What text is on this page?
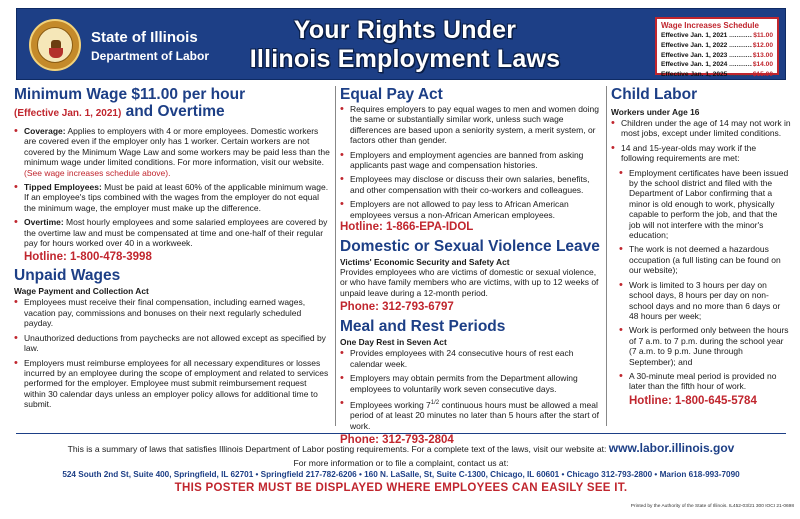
State of Illinois
Department of Labor
Your Rights Under
Illinois Employment Laws
Wage Increases Schedule
Effective Jan. 1, 2021 .....	$11.00
Effective Jan. 1, 2022 .....	$12.00
Effective Jan. 1, 2023 .....	$13.00
Effective Jan. 1, 2024 .....	$14.00
Effective Jan. 1, 2025 .....	$15.00
Minimum Wage $11.00 per hour
(Effective Jan. 1, 2021) and Overtime
• Coverage: Applies to employers with 4 or more employees. Domestic workers are covered even if the employer only has 1 worker. Certain workers are not covered by the Minimum Wage Law and some workers may be paid less than the minimum wage under limited conditions. For more information, visit our website. (See wage increases schedule above).
• Tipped Employees: Must be paid at least 60% of the applicable minimum wage. If an employee's tips combined with the wages from the employer do not equal the minimum wage, the employer must make up the difference.
• Overtime: Most hourly employees and some salaried employees are covered by the overtime law and must be compensated at time and one-half of their regular pay for hours worked over 40 in a workweek.
Hotline: 1-800-478-3998
Unpaid Wages
Wage Payment and Collection Act
• Employees must receive their final compensation, including earned wages, vacation pay, commissions and bonuses on their next regularly scheduled payday.
• Unauthorized deductions from paychecks are not allowed except as specified by law.
• Employers must reimburse employees for all necessary expenditures or losses incurred by an employee during the scope of employment and related to services performed for the employer. Employee must submit reimbursement request within 30 calendar days unless an employer policy allows for additional time to submit.
Equal Pay Act
• Requires employers to pay equal wages to men and women doing the same or substantially similar work, unless such wage differences are based upon a seniority system, a merit system, or factors other than gender.
• Employers and employment agencies are banned from asking applicants past wage and compensation histories.
• Employees may disclose or discuss their own salaries, benefits, and other compensation with their co-workers and colleagues.
• Employers are not allowed to pay less to African American employees versus a non-African American employees.
Hotline: 1-866-EPA-IDOL
Domestic or Sexual Violence Leave
Victims' Economic Security and Safety Act

Provides employees who are victims of domestic or sexual violence, or who have family members who are victims, with up to 12 weeks of unpaid leave during a 12-month period.

Phone: 312-793-6797
Meal and Rest Periods
One Day Rest in Seven Act
• Provides employees with 24 consecutive hours of rest each calendar week.
• Employers may obtain permits from the Department allowing employees to voluntarily work seven consecutive days.
• Employees working $7^{1/2}$ continuous hours must be allowed a meal period of at least 20 minutes no later than 5 hours after the start of work.
Phone: 312-793-2804
Child Labor
Workers under Age 16
• Children under the age of 14 may not work in most jobs, except under limited conditions.
• 14 and 15-year-olds may work if the following requirements are met:
• Employment certificates have been issued by the school district and filed with the Department of Labor confirming that a minor is old enough to work, physically capable to perform the job, and that the job will not interfere with the minor's education;
• The work is not deemed a hazardous occupation (a full listing can be found on our website);
• Work is limited to 3 hours per day on school days, 8 hours per day on non-school days and no more than 6 days or 48 hours per week;
• Work is performed only between the hours of 7 a.m. to 7 p.m. during the school year (7 a.m. to 9 p.m. June through September); and
• A 30-minute meal period is provided no later than the fifth hour of work.
Hotline: 1-800-645-5784
This is a summary of laws that satisfies Illinois Department of Labor posting requirements. For a complete text of the laws, visit our website at: www.labor.illinois.gov
For more information or to file a complaint, contact us at:
524 South 2nd St, Suite 400, Springfield, IL 62701 • Springfield 217-782-6206 • 160 N. LaSalle, St, Suite C-1300, Chicago, IL 60601 • Chicago 312-793-2800 • Marion 618-993-7090
THIS POSTER MUST BE DISPLAYED WHERE EMPLOYEES CAN EASILY SEE IT.
Printed by the Authority of the State of Illinois. IL452-03/21 300 IOCI 21-0698
